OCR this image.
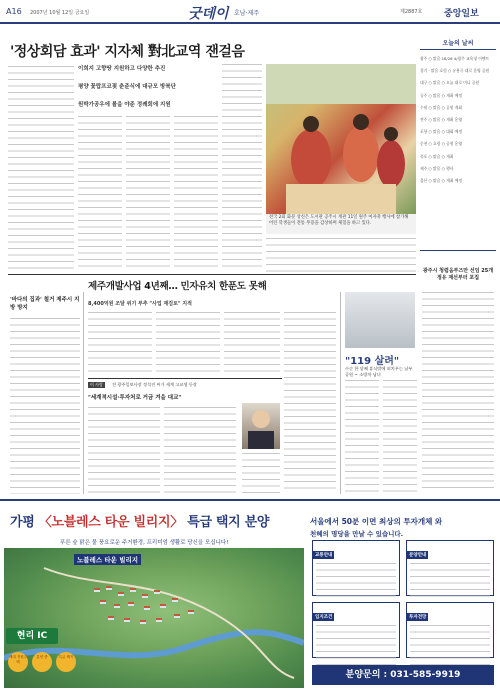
A16 2007년 10월 12일 금요일	굿데이 호남·제주	제2887호 중앙일보
'정상회담 효과' 지자체 對北교역 잰걸음
이희지 고향땅 지원하고 다양한 추진
평양 꽃랍프코젖 춘준식에 대규모 방북단
원박가공우에 볼을 야준 정례회에 지원
전국 2회 화분 상신은 도서관 공주시 계관 11일 원주 여자축 행사에 참가해 어린 학생들이 전통 무용을 감상하며 체험을 하고 있다.
오늘의 날씨
광주 ○ 맑음 18/26 4/광주 교육청 이벤트
경기 · 맑음 흐림 ○ 유용곡 대로 운영 공원
대구 ○ 맑음 ○ 오늘 대로 미니 공원
공주 ○ 맑음 ○ 개최 예정
수원 ○ 맑음 ○ 공원 개회
전주 ○ 맑음 ○ 개최 운영
포항 ○ 맑음 ○ 대회 예정
순천 ○ 흐림 ○ 공원 운영
목포 ○ 맑음 ○ 개최
제주 ○ 맑음 ○ 행사
울산 ○ 맑음 ○ 개최 예정
광주시 청렴옴부즈만 선임 25개 정유 재선부터 포집
제주개발사업 4년째… 민자유치 한푼도 못해
8,400억원 조달 위기 부추 "사업 재검토" 지적
'바다의 집과' 철거 제주시 지방 방지
이 사람	전 광주일보사장 정석진 씨가 세계 고교생 등장
"세계적시설·투자처로 거금 겨을 대교"
"119 살려"
수순 한 달째 휴식밖에 외치우는 남부 공원 ~ 소방차 남녀
가평 〈노블레스 타운 빌리지〉 특급 택지 분양
푸른 숲 맑은 물 풍요로운 주거환경, 프리미엄 생활로 당신을 모십니다!
노블레스 타운 빌리지
현리 IC
세대 전원주택
분양 중	특급 택지
서울에서 50분 이면 최상의 투자개체 와
천혜의 명당을 만날 수 있습니다.
교통안내	분양안내
입지조건	투자전망
분양문의 : 031-585-9919
